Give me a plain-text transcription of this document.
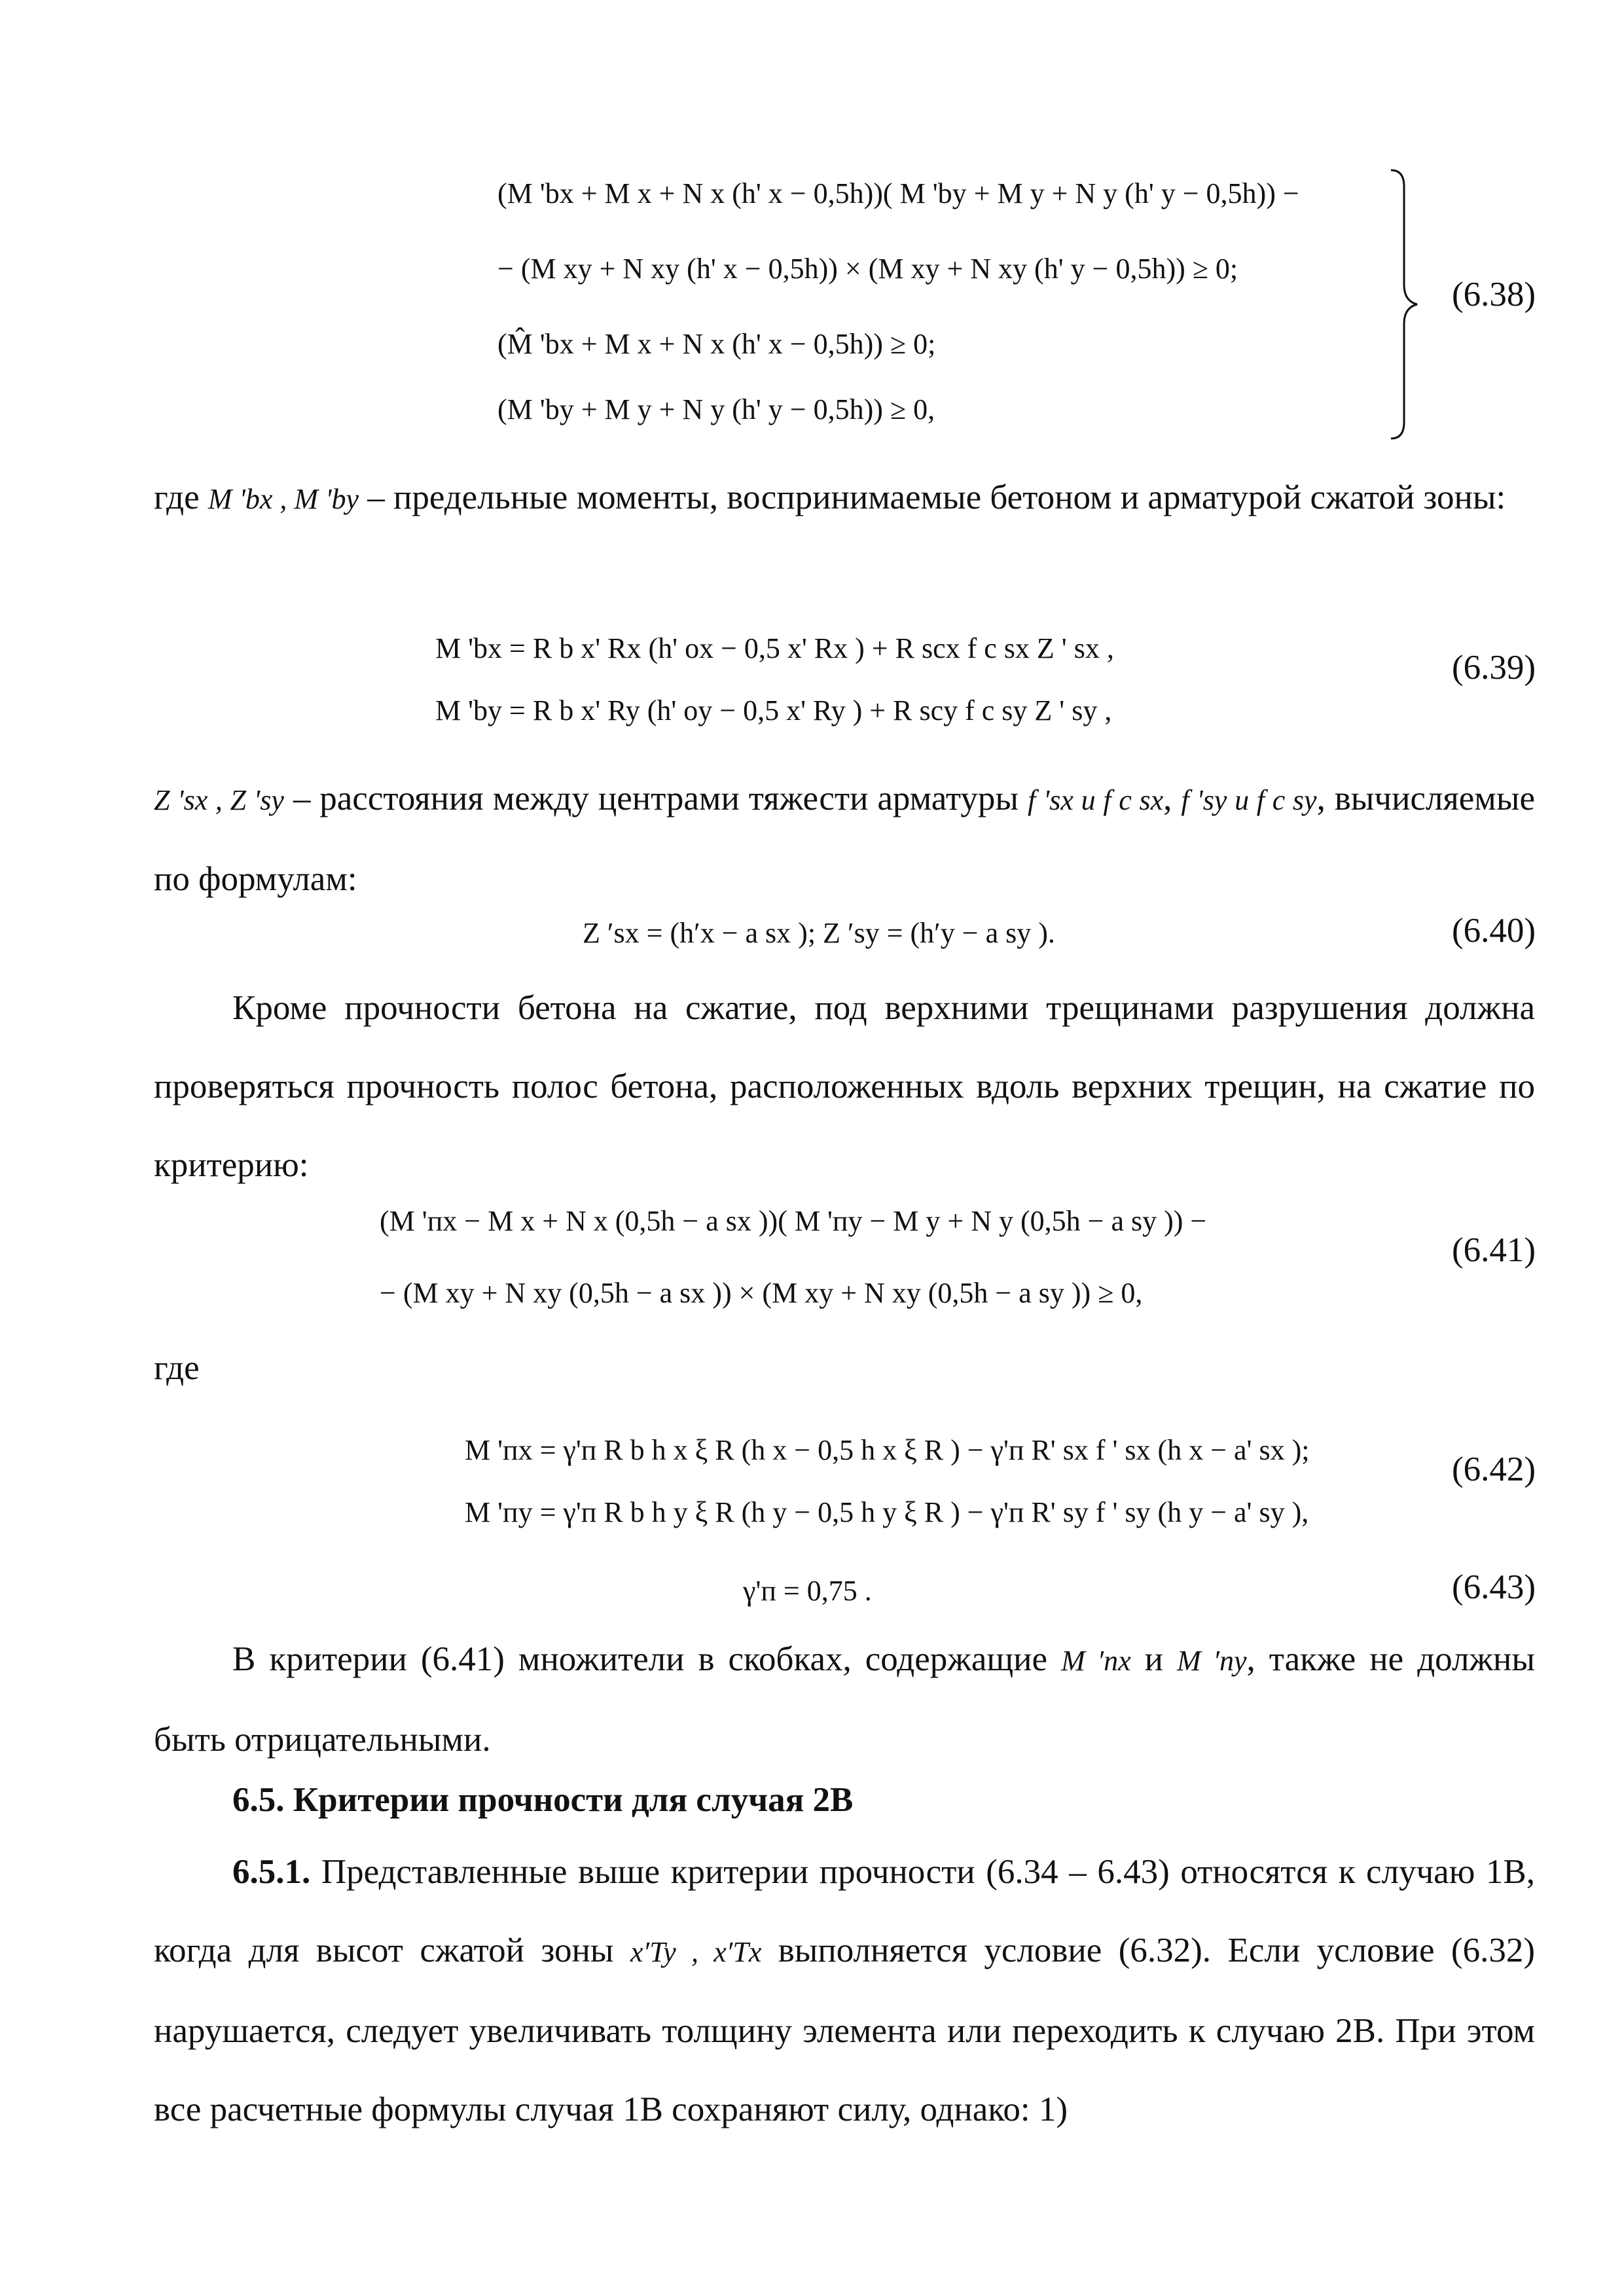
(M 'bx + M x + N x (h' x − 0,5h))( M 'by + M y + N y (h' y − 0,5h)) −
− (M xy + N xy (h' x − 0,5h)) × (M xy + N xy (h' y − 0,5h)) ≥ 0;
(M̂ 'bx + M x + N x (h' x − 0,5h)) ≥ 0;
(M 'by + M y + N y (h' y − 0,5h)) ≥ 0,
(6.38)
где M 'bx , M 'by – предельные моменты, воспринимаемые бетоном и арматурой сжатой зоны:
M 'bx = R b x' Rx (h' ox − 0,5 x' Rx ) + R scx f c sx Z ' sx ,
M 'by = R b x' Ry (h' oy − 0,5 x' Ry ) + R scy f c sy Z ' sy ,
(6.39)
Z 'sx , Z 'sy – расстояния между центрами тяжести арматуры f 'sx и f c sx, f 'sy и f c sy, вычисляемые по формулам:
Z ′sx = (h′x − a sx ); Z ′sy = (h′y − a sy ).	(6.40)
Кроме прочности бетона на сжатие, под верхними трещинами разрушения должна проверяться прочность полос бетона, расположенных вдоль верхних трещин, на сжатие по критерию:
(M 'пх − M x + N x (0,5h − a sx ))( M 'пу − M y + N y (0,5h − a sy )) −
− (M xy + N xy (0,5h − a sx )) × (M xy + N xy (0,5h − a sy )) ≥ 0,
(6.41)
где
M 'пх = γ'п R b h x ξ R (h x − 0,5 h x ξ R ) − γ'п R' sx f ' sx (h x − a' sx );
M 'пу = γ'п R b h y ξ R (h y − 0,5 h y ξ R ) − γ'п R' sy f ' sy (h y − a' sy ),
(6.42)
γ'п = 0,75 .	(6.43)
В критерии (6.41) множители в скобках, содержащие M ′пх и M ′пу, также не должны быть отрицательными.
6.5. Критерии прочности для случая 2В
6.5.1. Представленные выше критерии прочности (6.34 – 6.43) относятся к случаю 1В, когда для высот сжатой зоны x′Ty , x′Tx выполняется условие (6.32). Если условие (6.32) нарушается, следует увеличивать толщину элемента или переходить к случаю 2В. При этом все расчетные формулы случая 1В сохраняют силу, однако: 1)
